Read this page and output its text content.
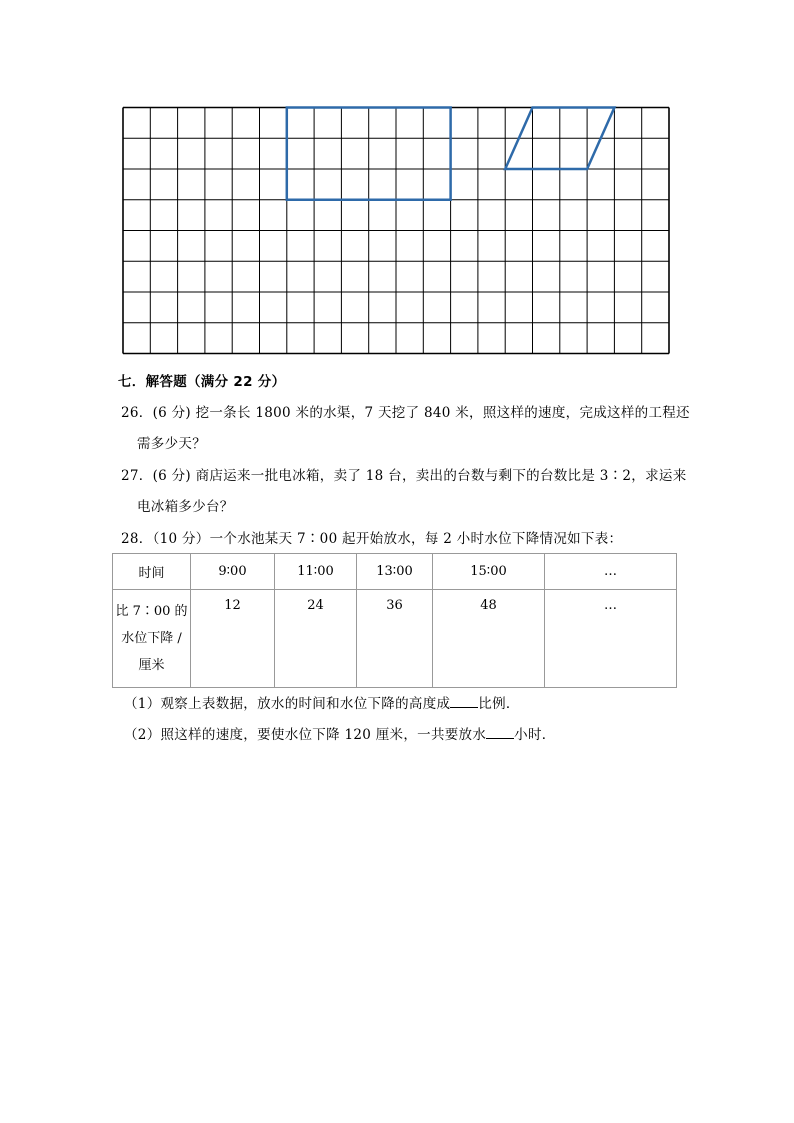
七．解答题（满分 22 分）
26．(6 分) 挖一条长 1800 米的水渠，7 天挖了 840 米，照这样的速度，完成这样的工程还
需多少天？
27．(6 分) 商店运来一批电冰箱，卖了 18 台，卖出的台数与剩下的台数比是 3∶2，求运来
电冰箱多少台？
28．（10 分）一个水池某天 7∶00 起开始放水，每 2 小时水位下降情况如下表：
时间	9∶00	11∶00	13∶00	15∶00	…

比 7∶00 的
水位下降 /
厘米	12	24	36	48	…
（1）观察上表数据，放水的时间和水位下降的高度成 比例．
（2）照这样的速度，要使水位下降 120 厘米，一共要放水 小时．
